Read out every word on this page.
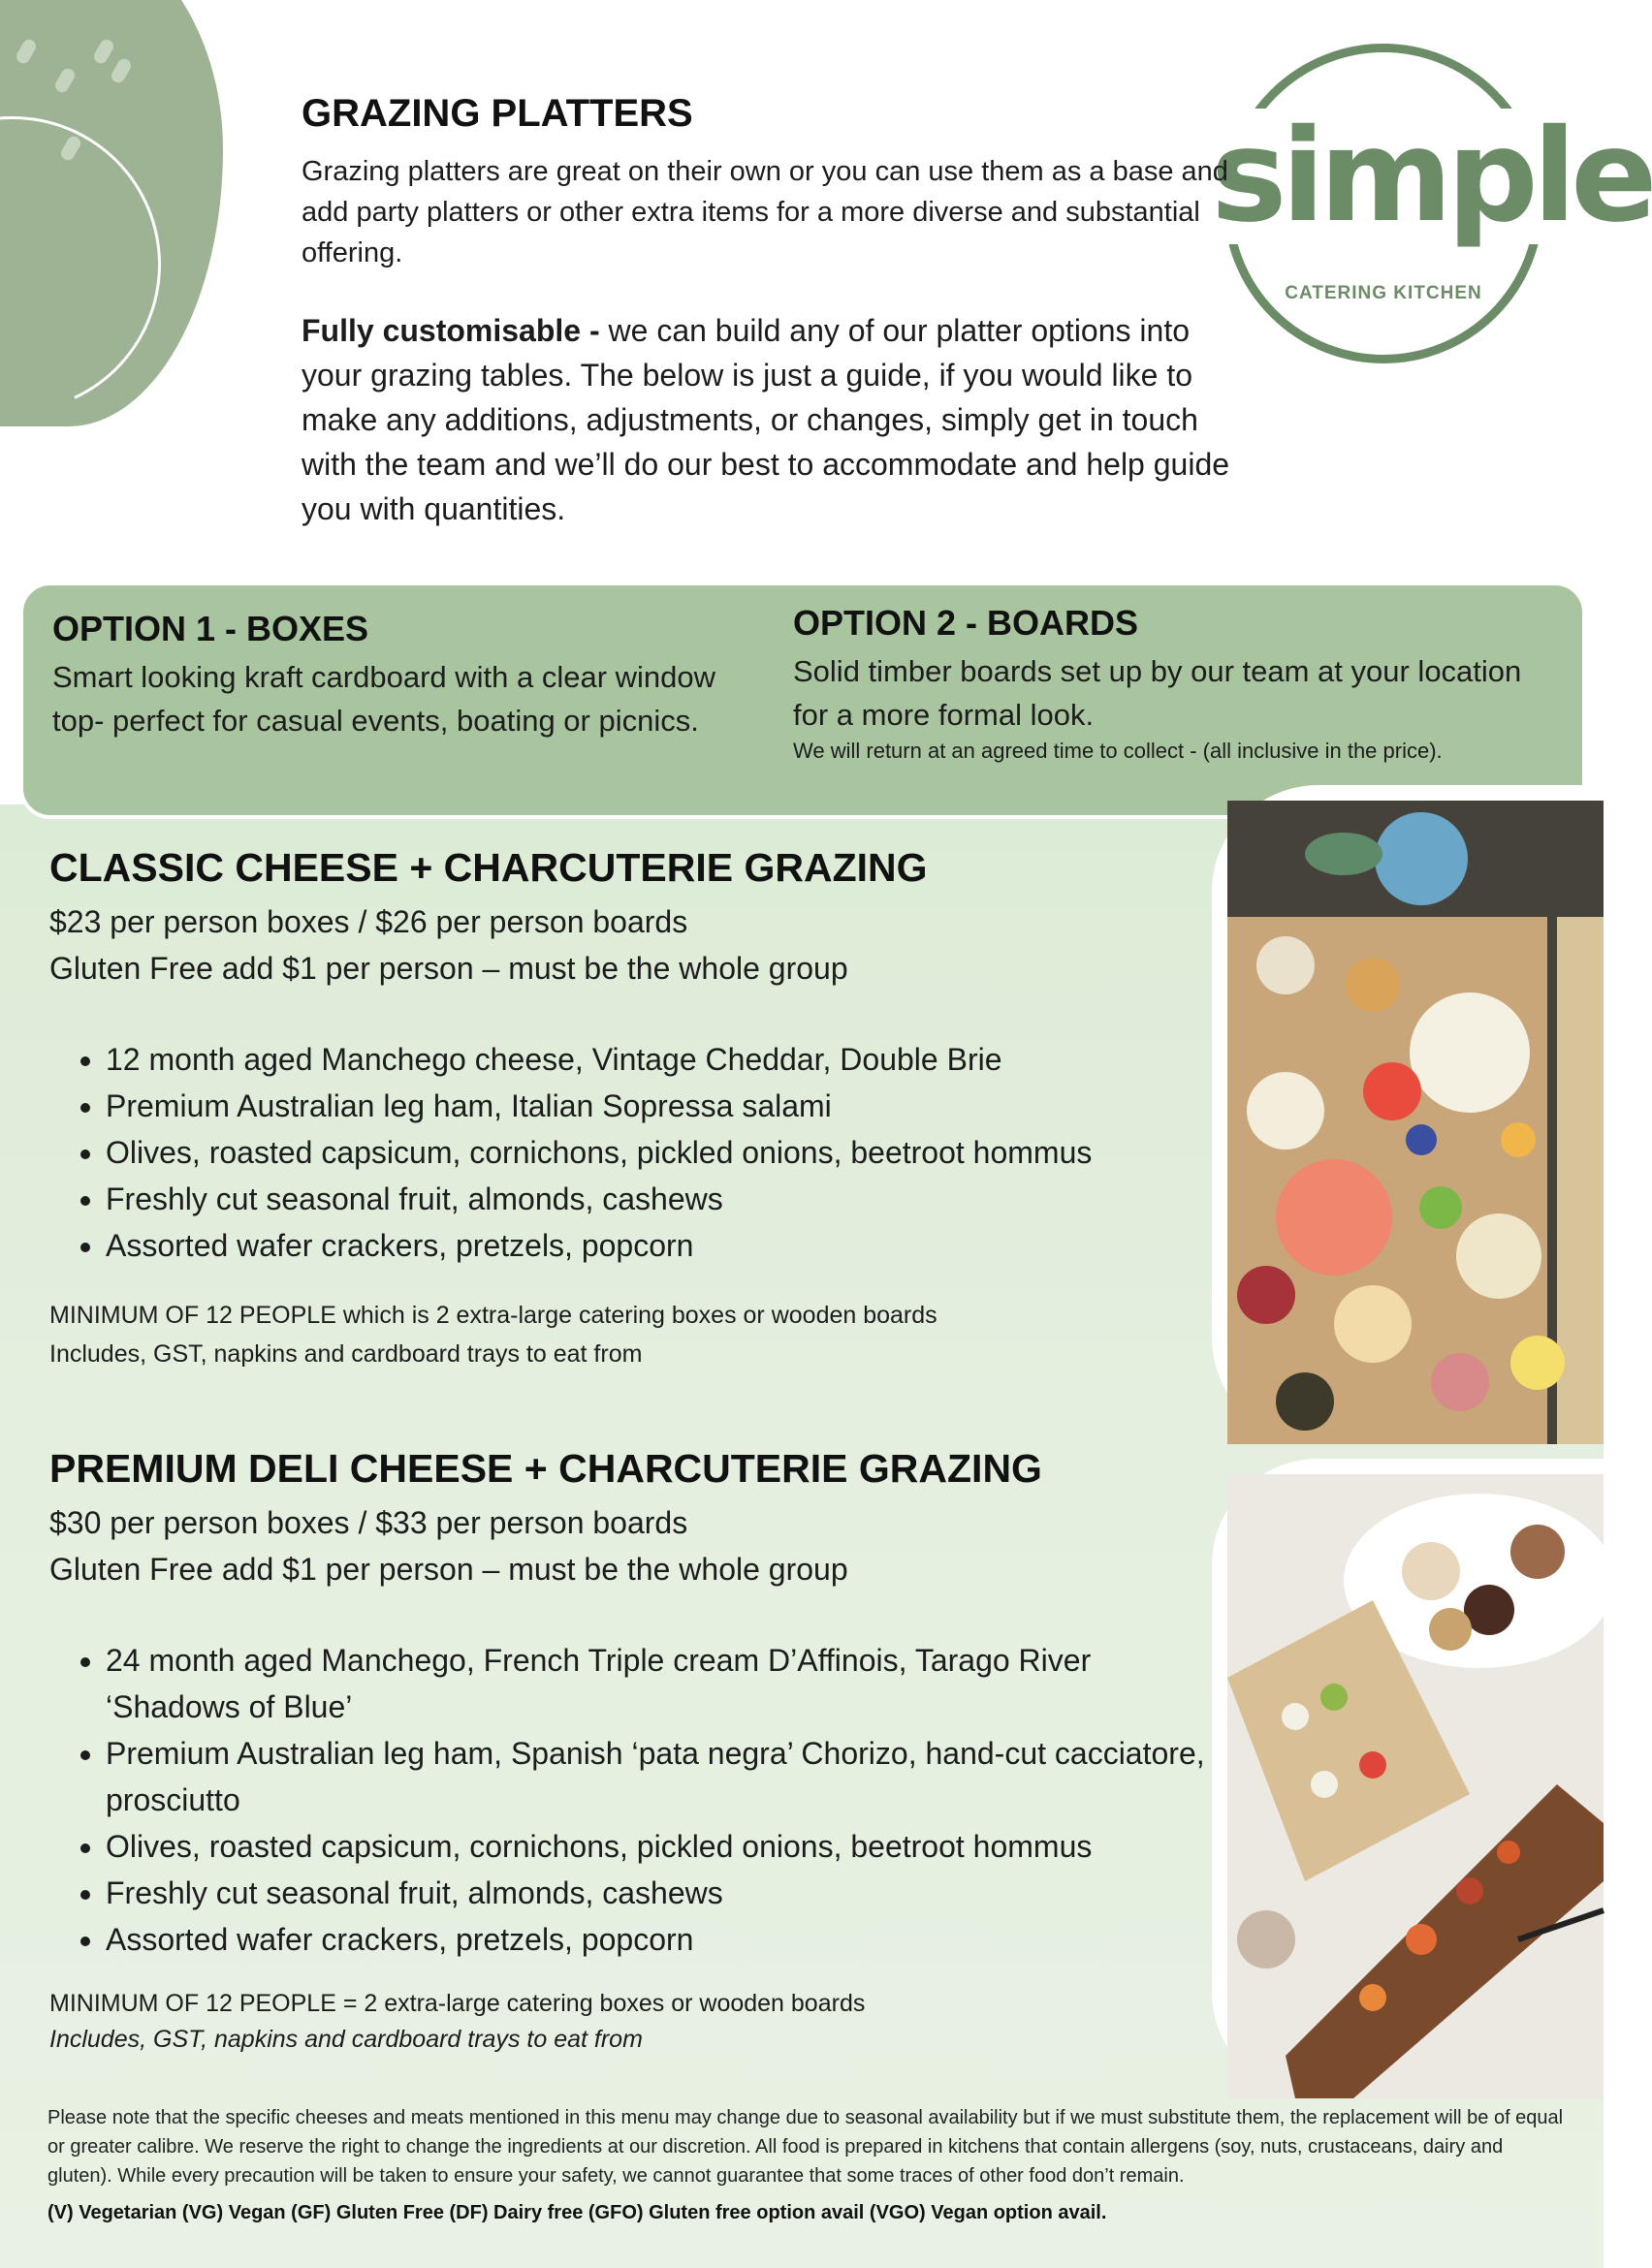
simple
CATERING KITCHEN
GRAZING PLATTERS

Grazing platters are great on their own or you can use them as a base and add party platters or other extra items for a more diverse and substantial offering.

Fully customisable - we can build any of our platter options into your grazing tables. The below is just a guide, if you would like to make any additions, adjustments, or changes, simply get in touch with the team and we’ll do our best to accommodate and help guide you with quantities.

OPTION 1 - BOXES

Smart looking kraft cardboard with a clear window top- perfect for casual events, boating or picnics.

OPTION 2 - BOARDS

Solid timber boards set up by our team at your location for a more formal look.

We will return at an agreed time to collect - (all inclusive in the price).

CLASSIC CHEESE + CHARCUTERIE GRAZING

$23 per person boxes / $26 per person boards

Gluten Free add $1 per person – must be the whole group

• 12 month aged Manchego cheese, Vintage Cheddar, Double Brie
• Premium Australian leg ham, Italian Sopressa salami
• Olives, roasted capsicum, cornichons, pickled onions, beetroot hommus
• Freshly cut seasonal fruit, almonds, cashews
• Assorted wafer crackers, pretzels, popcorn

MINIMUM OF 12 PEOPLE which is 2 extra-large catering boxes or wooden boards

Includes, GST, napkins and cardboard trays to eat from

PREMIUM DELI CHEESE + CHARCUTERIE GRAZING

$30 per person boxes / $33 per person boards

Gluten Free add $1 per person – must be the whole group

• 24 month aged Manchego, French Triple cream D’Affinois, Tarago River ‘Shadows of Blue’
• Premium Australian leg ham, Spanish ‘pata negra’ Chorizo, hand-cut cacciatore, prosciutto
• Olives, roasted capsicum, cornichons, pickled onions, beetroot hommus
• Freshly cut seasonal fruit, almonds, cashews
• Assorted wafer crackers, pretzels, popcorn

MINIMUM OF 12 PEOPLE = 2 extra-large catering boxes or wooden boards

Includes, GST, napkins and cardboard trays to eat from

Please note that the specific cheeses and meats mentioned in this menu may change due to seasonal availability but if we must substitute them, the replacement will be of equal or greater calibre. We reserve the right to change the ingredients at our discretion. All food is prepared in kitchens that contain allergens (soy, nuts, crustaceans, dairy and gluten). While every precaution will be taken to ensure your safety, we cannot guarantee that some traces of other food don’t remain.
(V) Vegetarian (VG) Vegan (GF) Gluten Free (DF) Dairy free (GFO) Gluten free option avail (VGO) Vegan option avail.
